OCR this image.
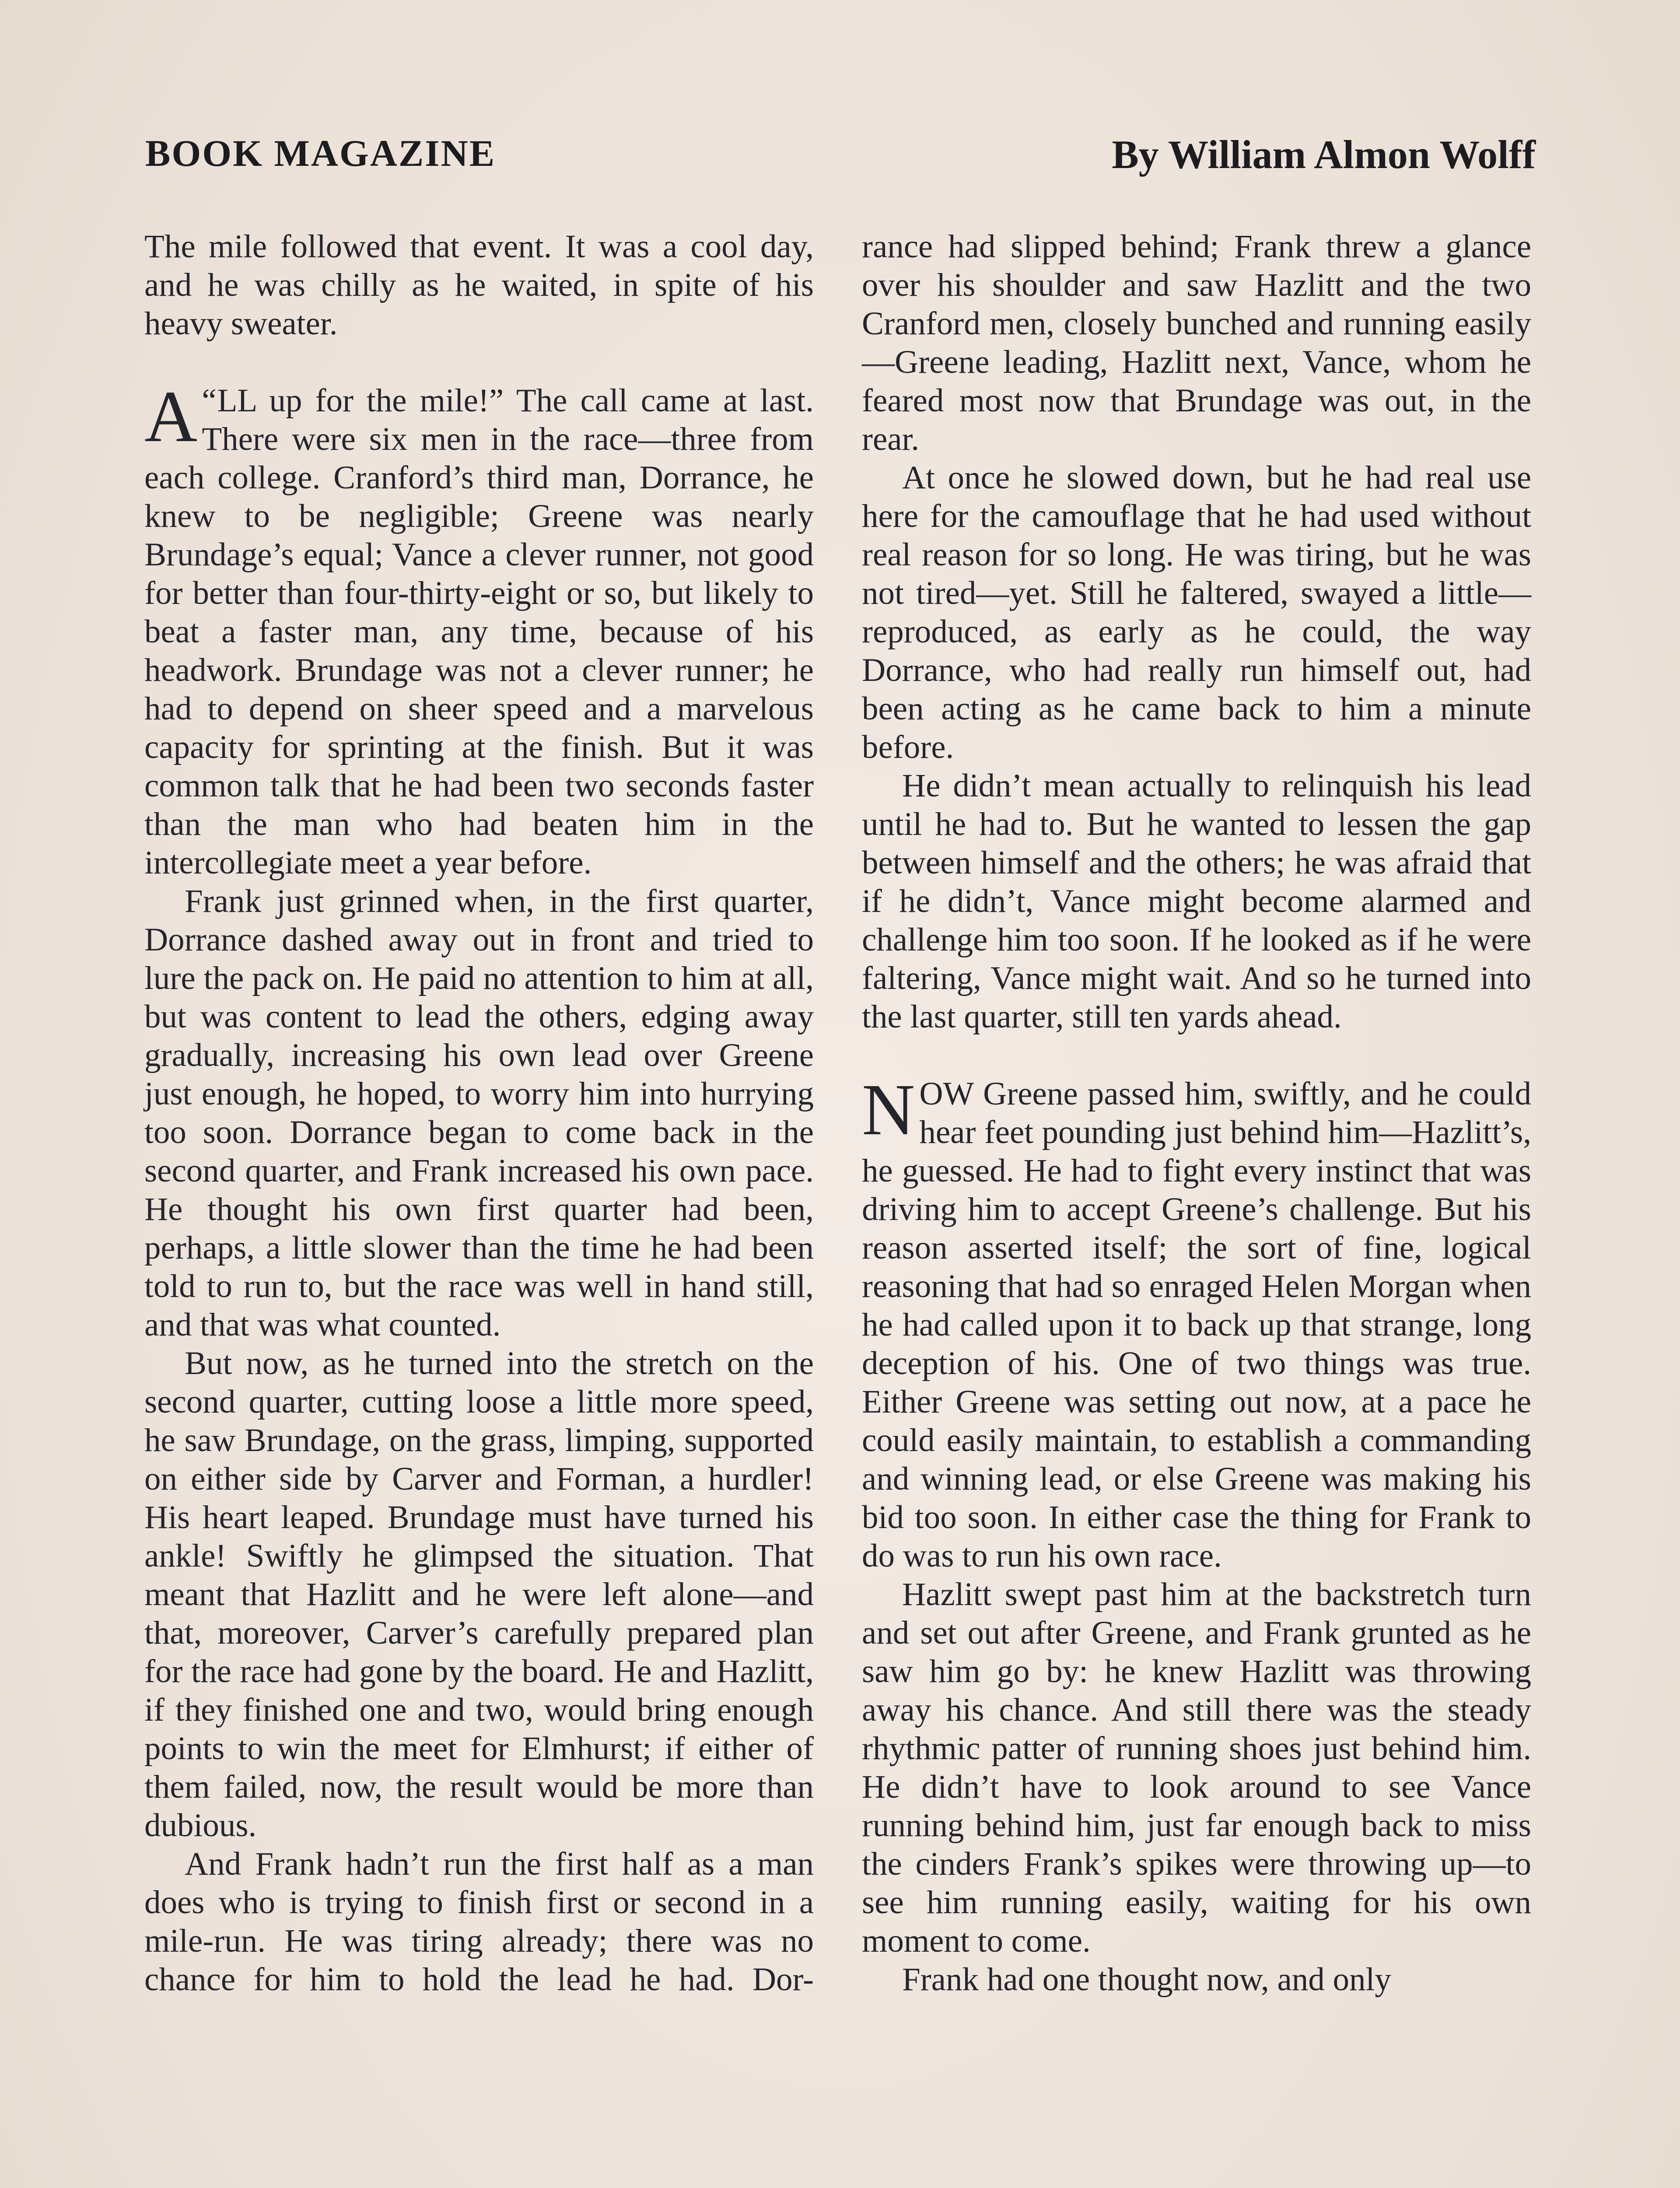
BOOK MAGAZINE	By William Almon Wolff

The mile followed that event. It was a cool day, and he was chilly as he waited, in spite of his heavy sweater.

“
A LL up for the mile!” The call came at last. There were six men in the race—three from each college. Cranford’s third man, Dorrance, he knew to be negligible; Greene was nearly Brundage’s equal; Vance a clever runner, not good for better than four-thirty-eight or so, but likely to beat a faster man, any time, because of his headwork. Brundage was not a clever runner; he had to depend on sheer speed and a marvelous capacity for sprinting at the finish. But it was common talk that he had been two seconds faster than the man who had beaten him in the intercollegiate meet a year before.

Frank just grinned when, in the first quarter, Dorrance dashed away out in front and tried to lure the pack on. He paid no attention to him at all, but was content to lead the others, edging away gradually, increasing his own lead over Greene just enough, he hoped, to worry him into hurrying too soon. Dorrance began to come back in the second quarter, and Frank increased his own pace. He thought his own first quarter had been, perhaps, a little slower than the time he had been told to run to, but the race was well in hand still, and that was what counted.

But now, as he turned into the stretch on the second quarter, cutting loose a little more speed, he saw Brundage, on the grass, limping, supported on either side by Carver and Forman, a hurdler! His heart leaped. Brundage must have turned his ankle! Swiftly he glimpsed the situation. That meant that Hazlitt and he were left alone—and that, moreover, Carver’s carefully prepared plan for the race had gone by the board. He and Hazlitt, if they finished one and two, would bring enough points to win the meet for Elmhurst; if either of them failed, now, the result would be more than dubious.

And Frank hadn’t run the first half as a man does who is trying to finish first or second in a mile-run. He was tiring already; there was no chance for him to hold the lead he had. Dor-

rance had slipped behind; Frank threw a glance over his shoulder and saw Hazlitt and the two Cranford men, closely bunched and running easily—Greene leading, Hazlitt next, Vance, whom he feared most now that Brundage was out, in the rear.

At once he slowed down, but he had real use here for the camouflage that he had used without real reason for so long. He was tiring, but he was not tired—yet. Still he faltered, swayed a little—reproduced, as early as he could, the way Dorrance, who had really run himself out, had been acting as he came back to him a minute before.

He didn’t mean actually to relinquish his lead until he had to. But he wanted to lessen the gap between himself and the others; he was afraid that if he didn’t, Vance might become alarmed and challenge him too soon. If he looked as if he were faltering, Vance might wait. And so he turned into the last quarter, still ten yards ahead.

NOW Greene passed him, swiftly, and he could hear feet pounding just behind him—Hazlitt’s, he guessed. He had to fight every instinct that was driving him to accept Greene’s challenge. But his reason asserted itself; the sort of fine, logical reasoning that had so enraged Helen Morgan when he had called upon it to back up that strange, long deception of his. One of two things was true. Either Greene was setting out now, at a pace he could easily maintain, to establish a commanding and winning lead, or else Greene was making his bid too soon. In either case the thing for Frank to do was to run his own race.

Hazlitt swept past him at the backstretch turn and set out after Greene, and Frank grunted as he saw him go by: he knew Hazlitt was throwing away his chance. And still there was the steady rhythmic patter of running shoes just behind him. He didn’t have to look around to see Vance running behind him, just far enough back to miss the cinders Frank’s spikes were throwing up—to see him running easily, waiting for his own moment to come.

Frank had one thought now, and only
